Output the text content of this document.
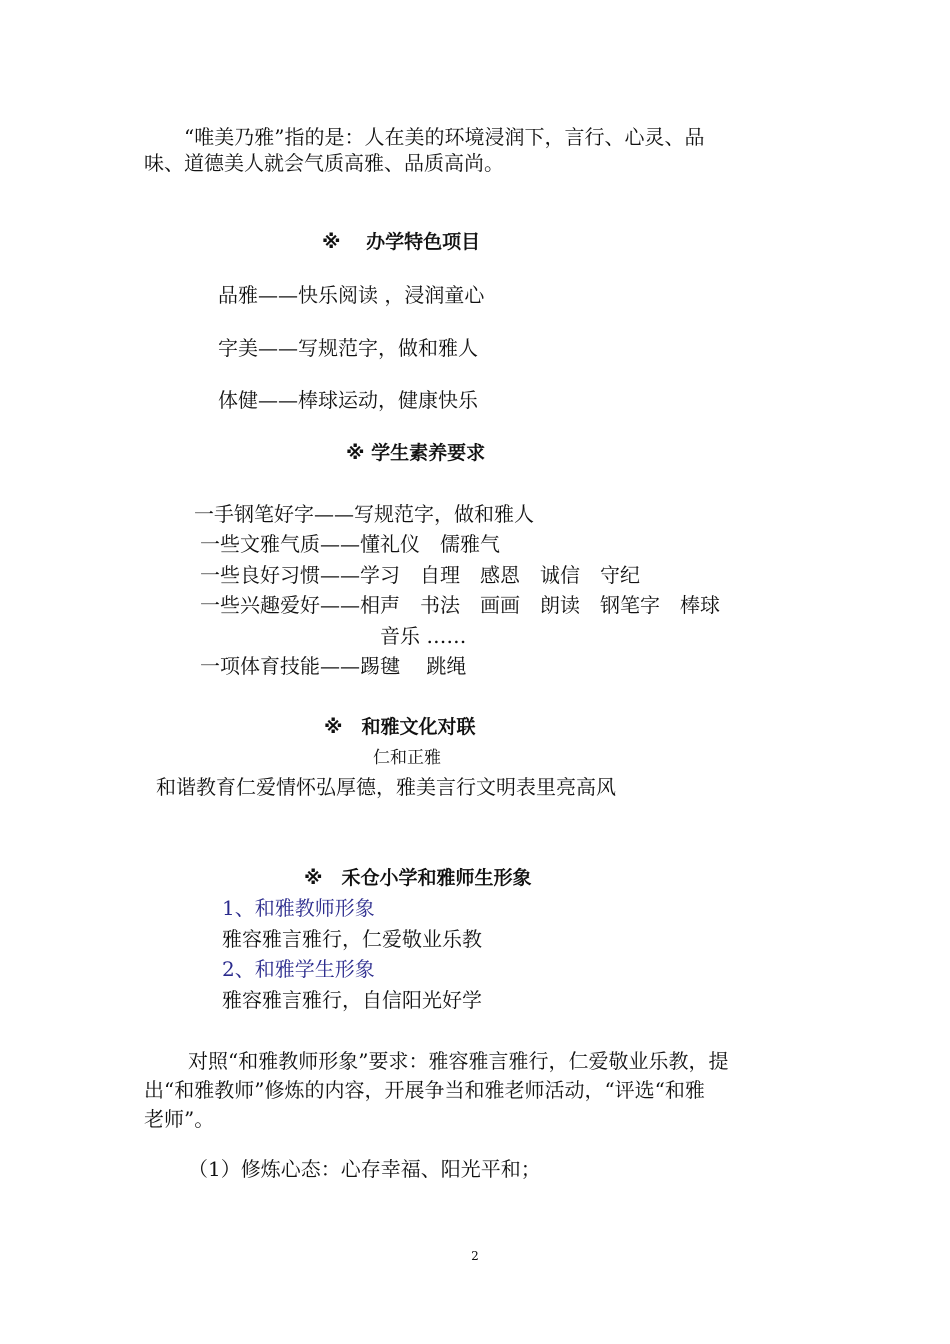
“唯美乃雅”指的是：人在美的环境浸润下，言行、心灵、品
味、道德美人就会气质高雅、品质高尚。
※　 办学特色项目
品雅——快乐阅读 ，浸润童心
字美——写规范字，做和雅人
体健——棒球运动，健康快乐
※ 学生素养要求
一手钢笔好字——写规范字，做和雅人
一些文雅气质——懂礼仪　儒雅气
一些良好习惯——学习　自理　感恩　诚信　守纪
一些兴趣爱好——相声　书法　画画　朗读　钢笔字　棒球
音乐 ……
一项体育技能——踢毽　 跳绳
※　和雅文化对联
仁和正雅
和谐教育仁爱情怀弘厚德，雅美言行文明表里亮高风
※　禾仓小学和雅师生形象
1、和雅教师形象
雅容雅言雅行，仁爱敬业乐教
2、和雅学生形象
雅容雅言雅行，自信阳光好学
对照“和雅教师形象”要求：雅容雅言雅行，仁爱敬业乐教，提
出“和雅教师”修炼的内容，开展争当和雅老师活动，“评选“和雅
老师”。
（1）修炼心态：心存幸福、阳光平和；
2
